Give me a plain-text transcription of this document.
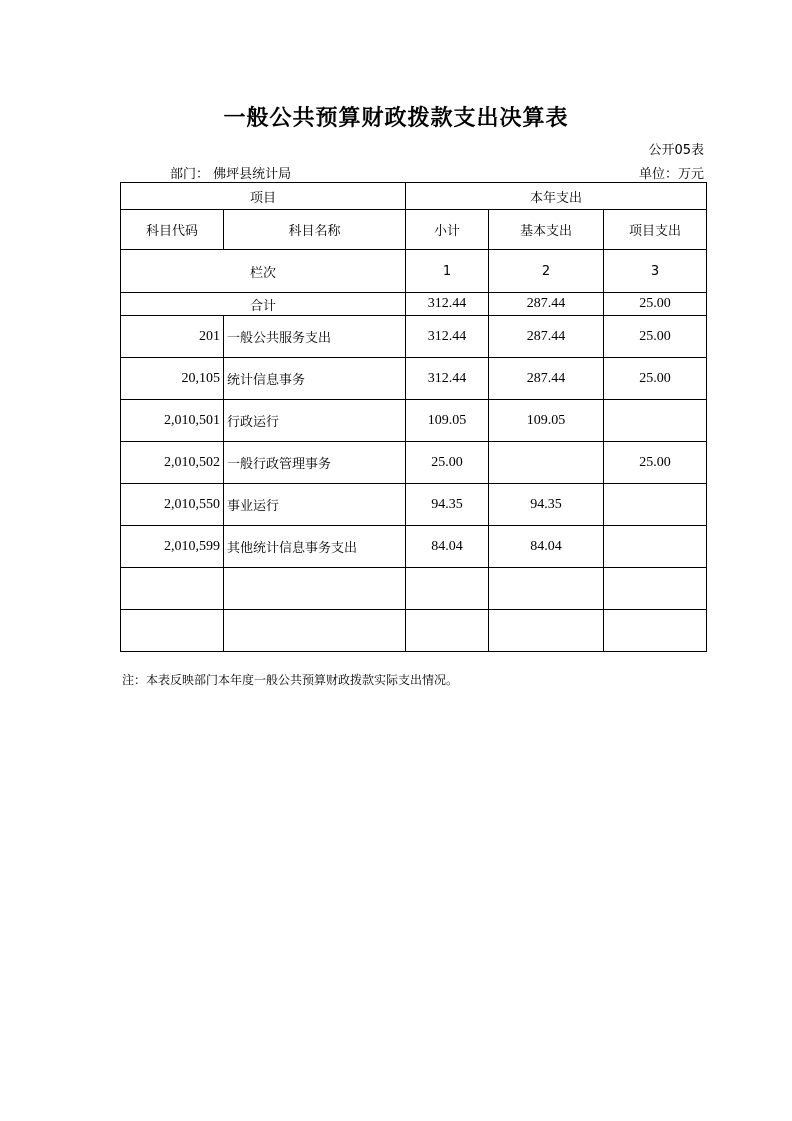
一般公共预算财政拨款支出决算表
公开05表
部门： 佛坪县统计局	单位：万元
项目		本年支出		
科目代码	科目名称	小计	基本支出	项目支出
栏次		1	2	3
合计		312.44	287.44	25.00
201	一般公共服务支出	312.44	287.44	25.00
20,105	统计信息事务	312.44	287.44	25.00
2,010,501	行政运行	109.05	109.05	
2,010,502	一般行政管理事务	25.00		25.00
2,010,550	事业运行	94.35	94.35	
2,010,599	其他统计信息事务支出	84.04	84.04	

注：本表反映部门本年度一般公共预算财政拨款实际支出情况。
